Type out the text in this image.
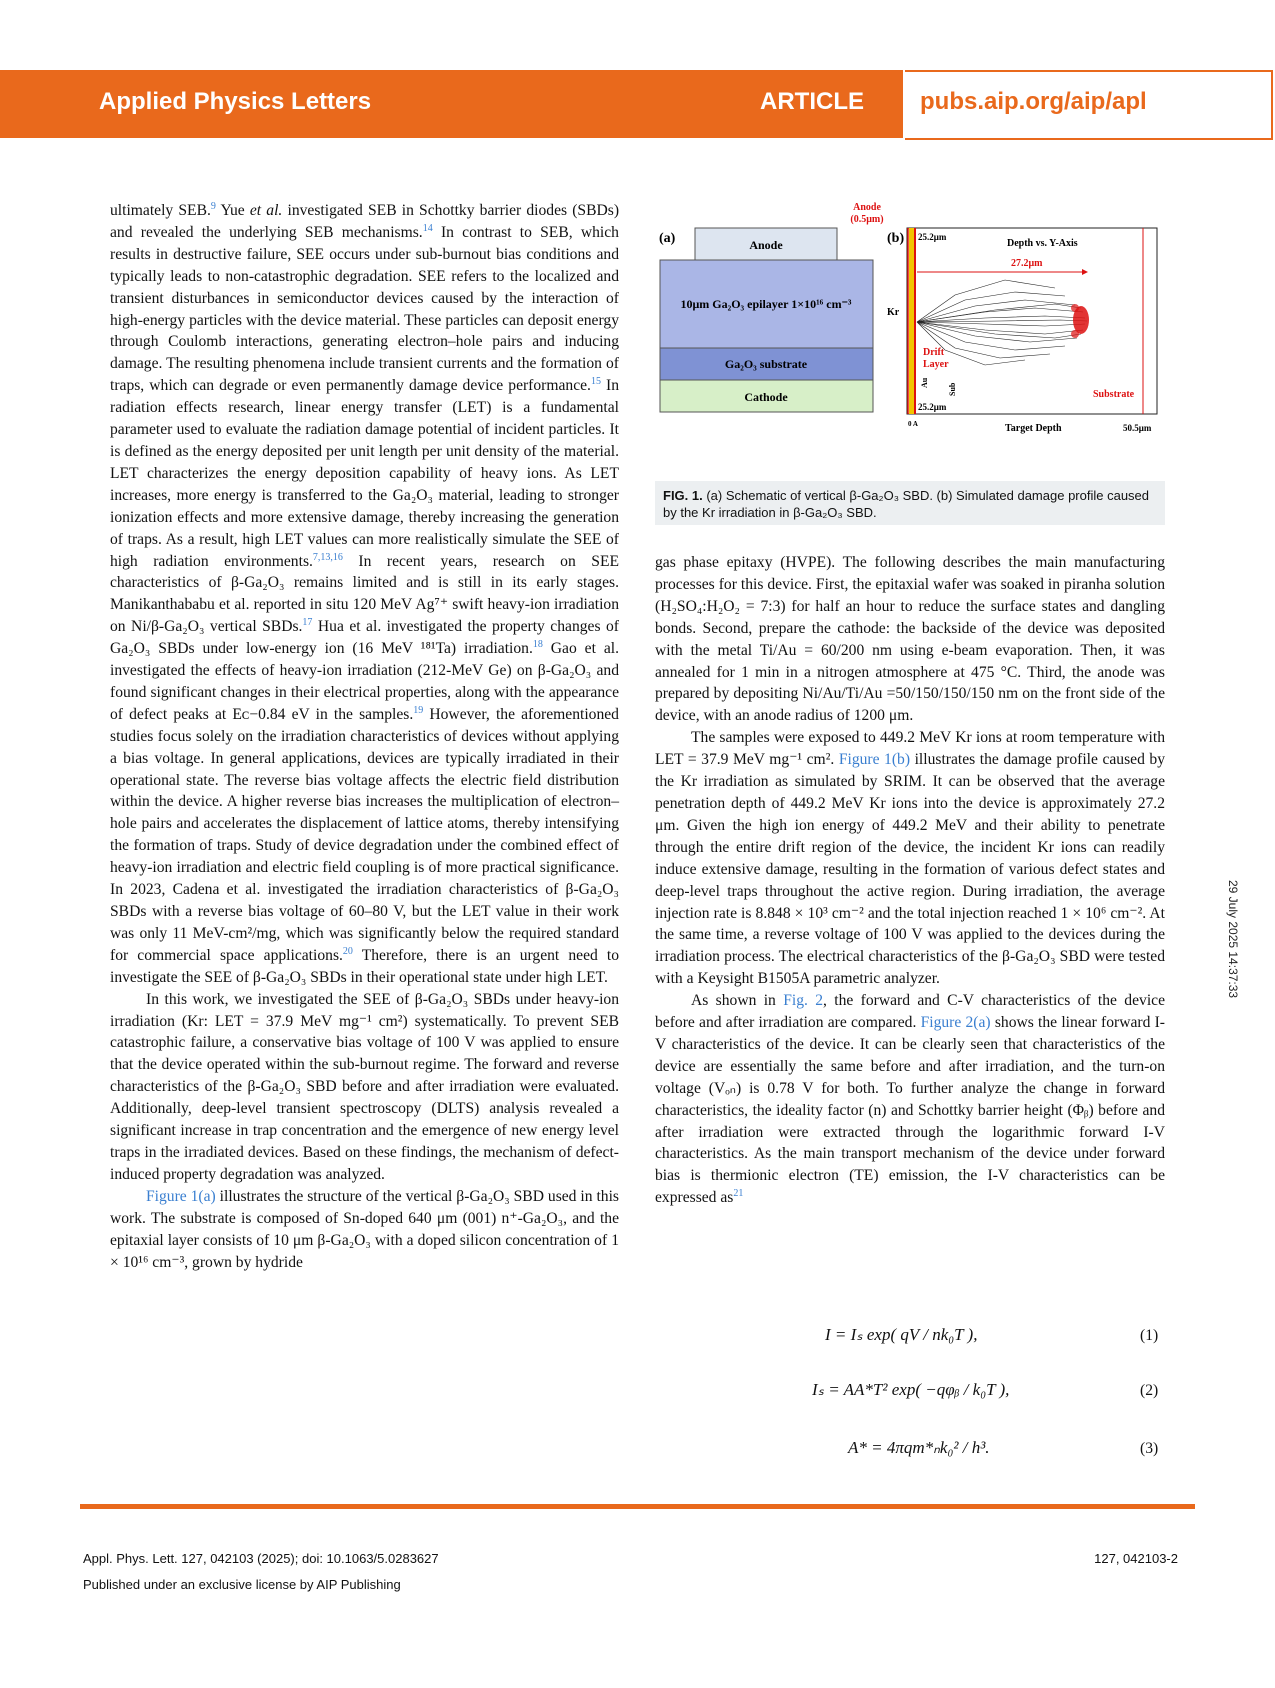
Applied Physics Letters	ARTICLE pubs.aip.org/aip/apl

ultimately SEB.$^9$ Yue et al. investigated SEB in Schottky barrier diodes (SBDs) and revealed the underlying SEB mechanisms.$^{14}$ In contrast to SEB, which results in destructive failure, SEE occurs under sub-burnout bias conditions and typically leads to non-catastrophic degradation. SEE refers to the localized and transient disturbances in semiconductor devices caused by the interaction of high-energy particles with the device material. These particles can deposit energy through Coulomb interactions, generating electron–hole pairs and inducing damage. The resulting phenomena include transient currents and the formation of traps, which can degrade or even permanently damage device performance.$^{15}$ In radiation effects research, linear energy transfer (LET) is a fundamental parameter used to evaluate the radiation damage potential of incident particles. It is defined as the energy deposited per unit length per unit density of the material. LET characterizes the energy deposition capability of heavy ions. As LET increases, more energy is transferred to the Ga₂O₃ material, leading to stronger ionization effects and more extensive damage, thereby increasing the generation of traps. As a result, high LET values can more realistically simulate the SEE of high radiation environments.$^{7,13,16}$ In recent years, research on SEE characteristics of β-Ga₂O₃ remains limited and is still in its early stages. Manikanthababu et al. reported in situ 120 MeV Ag⁷⁺ swift heavy-ion irradiation on Ni/β-Ga₂O₃ vertical SBDs.$^{17}$ Hua et al. investigated the property changes of Ga₂O₃ SBDs under low-energy ion (16 MeV ¹⁸¹Ta) irradiation.$^{18}$ Gao et al. investigated the effects of heavy-ion irradiation (212-MeV Ge) on β-Ga₂O₃ and found significant changes in their electrical properties, along with the appearance of defect peaks at Eᴄ−0.84 eV in the samples.$^{19}$ However, the aforementioned studies focus solely on the irradiation characteristics of devices without applying a bias voltage. In general applications, devices are typically irradiated in their operational state. The reverse bias voltage affects the electric field distribution within the device. A higher reverse bias increases the multiplication of electron–hole pairs and accelerates the displacement of lattice atoms, thereby intensifying the formation of traps. Study of device degradation under the combined effect of heavy-ion irradiation and electric field coupling is of more practical significance. In 2023, Cadena et al. investigated the irradiation characteristics of β-Ga₂O₃ SBDs with a reverse bias voltage of 60–80 V, but the LET value in their work was only 11 MeV-cm²/mg, which was significantly below the required standard for commercial space applications.$^{20}$ Therefore, there is an urgent need to investigate the SEE of β-Ga₂O₃ SBDs in their operational state under high LET.

In this work, we investigated the SEE of β-Ga₂O₃ SBDs under heavy-ion irradiation (Kr: LET = 37.9 MeV mg⁻¹ cm²) systematically. To prevent SEB catastrophic failure, a conservative bias voltage of 100 V was applied to ensure that the device operated within the sub-burnout regime. The forward and reverse characteristics of the β-Ga₂O₃ SBD before and after irradiation were evaluated. Additionally, deep-level transient spectroscopy (DLTS) analysis revealed a significant increase in trap concentration and the emergence of new energy level traps in the irradiated devices. Based on these findings, the mechanism of defect-induced property degradation was analyzed.

Figure 1(a) illustrates the structure of the vertical β-Ga₂O₃ SBD used in this work. The substrate is composed of Sn-doped 640 μm (001) n⁺-Ga₂O₃, and the epitaxial layer consists of 10 μm β-Ga₂O₃ with a doped silicon concentration of 1 × 10¹⁶ cm⁻³, grown by hydride

(a)	Anode
10μm Ga₂O₃ epilayer 1×10¹⁶ cm⁻³
Ga₂O₃ substrate
Cathode
Anode
(0.5μm)
(b) 25.2μm
Depth vs. Y-Axis
27.2μm
Kr
Drift
Layer
Au Sub	Substrate
25.2μm
0 A	Target Depth	50.5μm
FIG. 1. (a) Schematic of vertical β-Ga₂O₃ SBD. (b) Simulated damage profile caused by the Kr irradiation in β-Ga₂O₃ SBD.

gas phase epitaxy (HVPE). The following describes the main manufacturing processes for this device. First, the epitaxial wafer was soaked in piranha solution (H₂SO₄:H₂O₂ = 7:3) for half an hour to reduce the surface states and dangling bonds. Second, prepare the cathode: the backside of the device was deposited with the metal Ti/Au = 60/200 nm using e-beam evaporation. Then, it was annealed for 1 min in a nitrogen atmosphere at 475 °C. Third, the anode was prepared by depositing Ni/Au/Ti/Au =50/150/150/150 nm on the front side of the device, with an anode radius of 1200 μm.

The samples were exposed to 449.2 MeV Kr ions at room temperature with LET = 37.9 MeV mg⁻¹ cm². Figure 1(b) illustrates the damage profile caused by the Kr irradiation as simulated by SRIM. It can be observed that the average penetration depth of 449.2 MeV Kr ions into the device is approximately 27.2 μm. Given the high ion energy of 449.2 MeV and their ability to penetrate through the entire drift region of the device, the incident Kr ions can readily induce extensive damage, resulting in the formation of various defect states and deep-level traps throughout the active region. During irradiation, the average injection rate is 8.848 × 10³ cm⁻² and the total injection reached 1 × 10⁶ cm⁻². At the same time, a reverse voltage of 100 V was applied to the devices during the irradiation process. The electrical characteristics of the β-Ga₂O₃ SBD were tested with a Keysight B1505A parametric analyzer.

As shown in Fig. 2, the forward and C-V characteristics of the device before and after irradiation are compared. Figure 2(a) shows the linear forward I-V characteristics of the device. It can be clearly seen that characteristics of the device are essentially the same before and after irradiation, and the turn-on voltage (Vₒₙ) is 0.78 V for both. To further analyze the change in forward characteristics, the ideality factor (n) and Schottky barrier height (Φᵦ) before and after irradiation were extracted through the logarithmic forward I-V characteristics. As the main transport mechanism of the device under forward bias is thermionic electron (TE) emission, the I-V characteristics can be expressed as$^{21}$

I = Iₛ exp( qV / nk₀T ),	(1)
Iₛ = AA*T² exp( −qφᵦ / k₀T ),	(2)
A* = 4πqm*ₙk₀² / h³.	(3)
29 July 2025 14:37:33
Appl. Phys. Lett. 127, 042103 (2025); doi: 10.1063/5.0283627
Published under an exclusive license by AIP Publishing
127, 042103-2
